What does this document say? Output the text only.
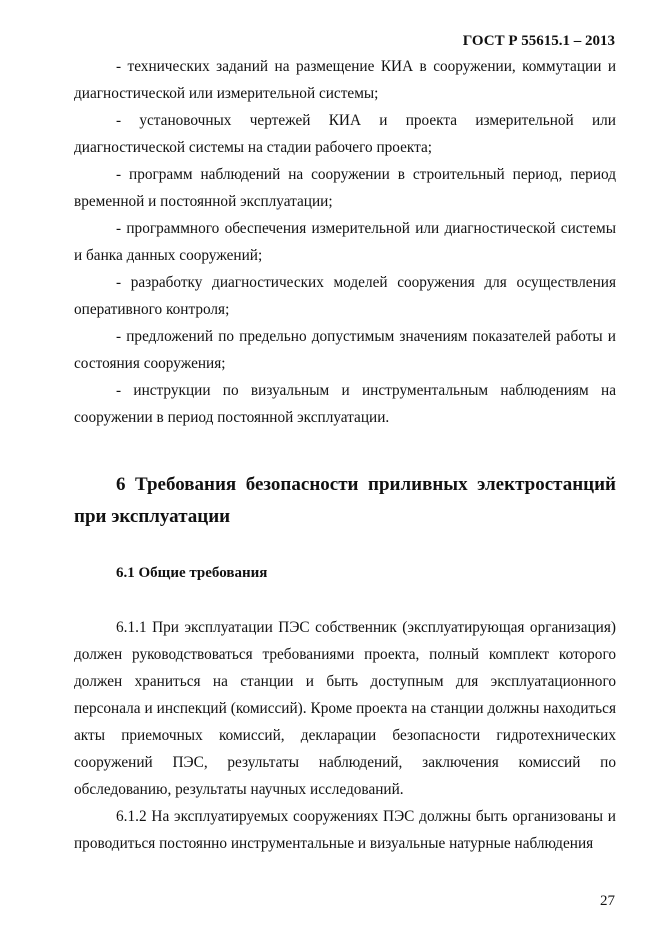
ГОСТ Р 55615.1 – 2013

- технических заданий на размещение КИА в сооружении, коммутации и диагностической или измерительной системы;

- установочных чертежей КИА и проекта измерительной или диагностической системы на стадии рабочего проекта;

- программ наблюдений на сооружении в строительный период, период временной и постоянной эксплуатации;

- программного обеспечения измерительной или диагностической системы и банка данных сооружений;

- разработку диагностических моделей сооружения для осуществления оперативного контроля;

- предложений по предельно допустимым значениям показателей работы и состояния сооружения;

- инструкции по визуальным и инструментальным наблюдениям на сооружении в период постоянной эксплуатации.

6 Требования безопасности приливных электростанций при эксплуатации
6.1 Общие требования

6.1.1 При эксплуатации ПЭС собственник (эксплуатирующая организация) должен руководствоваться требованиями проекта, полный комплект которого должен храниться на станции и быть доступным для эксплуатационного персонала и инспекций (комиссий). Кроме проекта на станции должны находиться акты приемочных комиссий, декларации безопасности гидротехнических сооружений ПЭС, результаты наблюдений, заключения комиссий по обследованию, результаты научных исследований.

6.1.2 На эксплуатируемых сооружениях ПЭС должны быть организованы и проводиться постоянно инструментальные и визуальные натурные наблюдения

27
